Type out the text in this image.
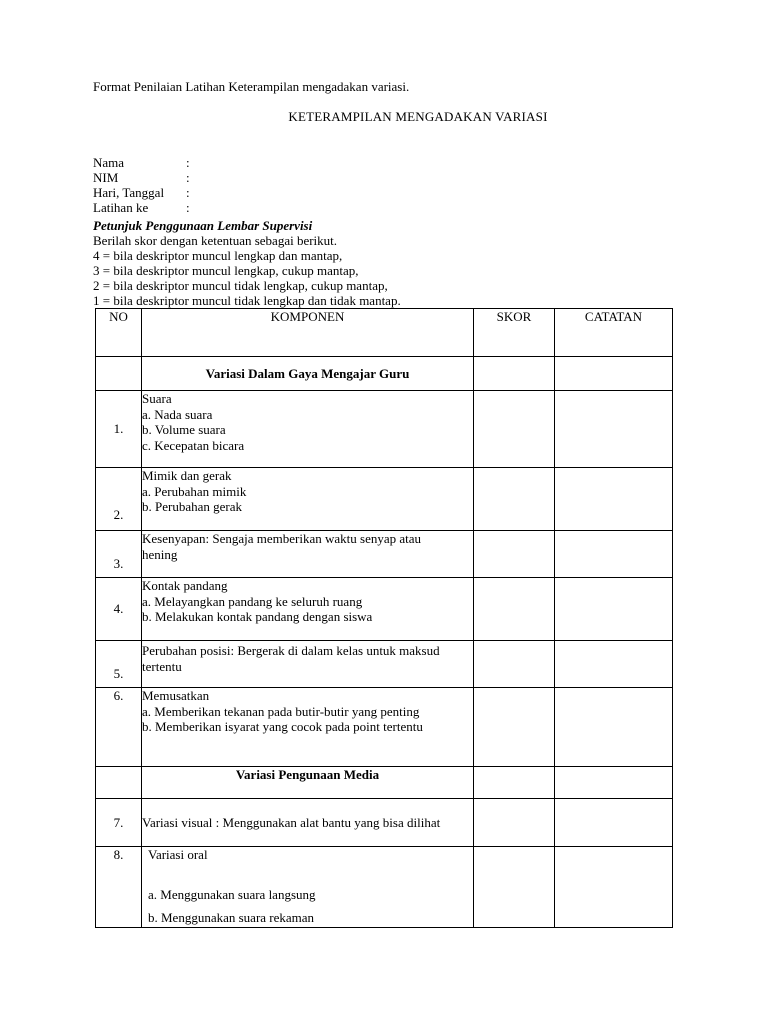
Format Penilaian Latihan Keterampilan mengadakan variasi.
KETERAMPILAN MENGADAKAN VARIASI
Nama	:
NIM	:
Hari, Tanggal :
Latihan ke	:
Petunjuk Penggunaan Lembar Supervisi
Berilah skor dengan ketentuan sebagai berikut.
4 = bila deskriptor muncul lengkap dan mantap,
3 = bila deskriptor muncul lengkap, cukup mantap,
2 = bila deskriptor muncul tidak lengkap, cukup mantap,
1 = bila deskriptor muncul tidak lengkap dan tidak mantap.
NO	KOMPONEN	SKOR	CATATAN
	Variasi Dalam Gaya Mengajar Guru		
1.	Suara
a. Nada suara
b. Volume suara
c. Kecepatan bicara		

2.	Mimik dan gerak
a. Perubahan mimik
b. Perubahan gerak		

3.	Kesenyapan: Sengaja memberikan waktu senyap atau
hening		

4.	Kontak pandang
a. Melayangkan pandang ke seluruh ruang
b. Melakukan kontak pandang dengan siswa		

5.	Perubahan posisi: Bergerak di dalam kelas untuk maksud
tertentu		

6.	Memusatkan
a. Memberikan tekanan pada butir-butir yang penting
b. Memberikan isyarat yang cocok pada point tertentu		

	Variasi Pengunaan Media		
7.	Variasi visual : Menggunakan alat bantu yang bisa dilihat		

8.	Variasi oral
a. Menggunakan suara langsung
b. Menggunakan suara rekaman		
